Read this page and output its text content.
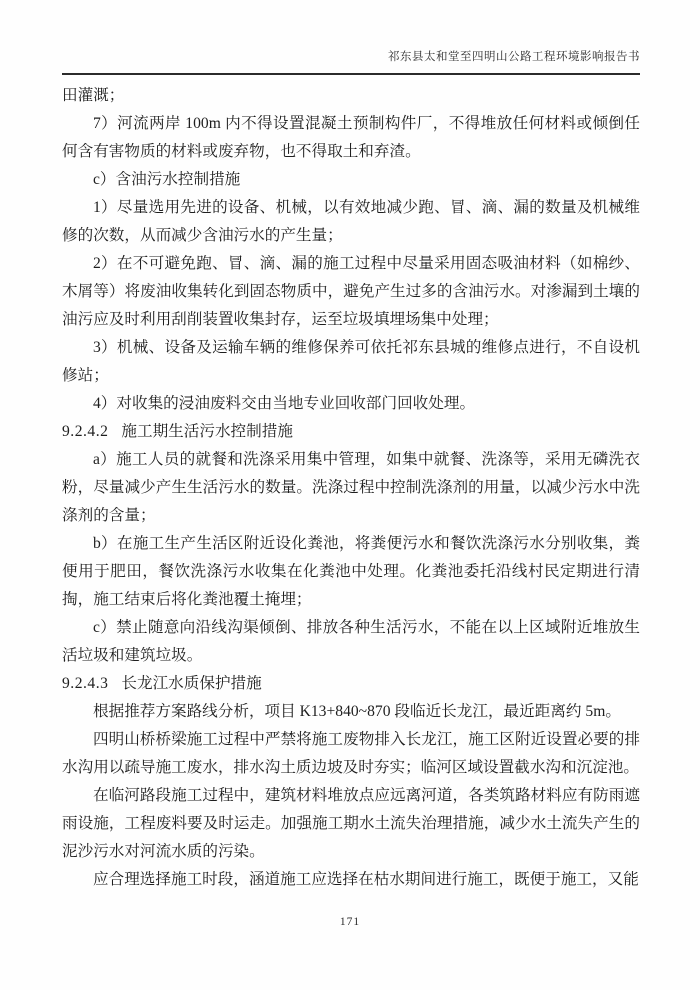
祁东县太和堂至四明山公路工程环境影响报告书
田灌溉；
7）河流两岸 100m 内不得设置混凝土预制构件厂，不得堆放任何材料或倾倒任何含有害物质的材料或废弃物，也不得取土和弃渣。
c）含油污水控制措施
1）尽量选用先进的设备、机械，以有效地减少跑、冒、滴、漏的数量及机械维修的次数，从而减少含油污水的产生量；
2）在不可避免跑、冒、滴、漏的施工过程中尽量采用固态吸油材料（如棉纱、木屑等）将废油收集转化到固态物质中，避免产生过多的含油污水。对渗漏到土壤的油污应及时利用刮削装置收集封存，运至垃圾填埋场集中处理；
3）机械、设备及运输车辆的维修保养可依托祁东县城的维修点进行，不自设机修站；
4）对收集的浸油废料交由当地专业回收部门回收处理。
9.2.4.2 施工期生活污水控制措施
a）施工人员的就餐和洗涤采用集中管理，如集中就餐、洗涤等，采用无磷洗衣粉，尽量减少产生生活污水的数量。洗涤过程中控制洗涤剂的用量，以减少污水中洗涤剂的含量；
b）在施工生产生活区附近设化粪池，将粪便污水和餐饮洗涤污水分别收集，粪便用于肥田，餐饮洗涤污水收集在化粪池中处理。化粪池委托沿线村民定期进行清掏，施工结束后将化粪池覆土掩埋；
c）禁止随意向沿线沟渠倾倒、排放各种生活污水，不能在以上区域附近堆放生活垃圾和建筑垃圾。
9.2.4.3 长龙江水质保护措施
根据推荐方案路线分析，项目 K13+840~870 段临近长龙江，最近距离约 5m。
四明山桥桥梁施工过程中严禁将施工废物排入长龙江，施工区附近设置必要的排水沟用以疏导施工废水，排水沟土质边坡及时夯实；临河区域设置截水沟和沉淀池。
在临河路段施工过程中，建筑材料堆放点应远离河道，各类筑路材料应有防雨遮雨设施，工程废料要及时运走。加强施工期水土流失治理措施，减少水土流失产生的泥沙污水对河流水质的污染。
应合理选择施工时段，涵道施工应选择在枯水期间进行施工，既便于施工，又能
171
